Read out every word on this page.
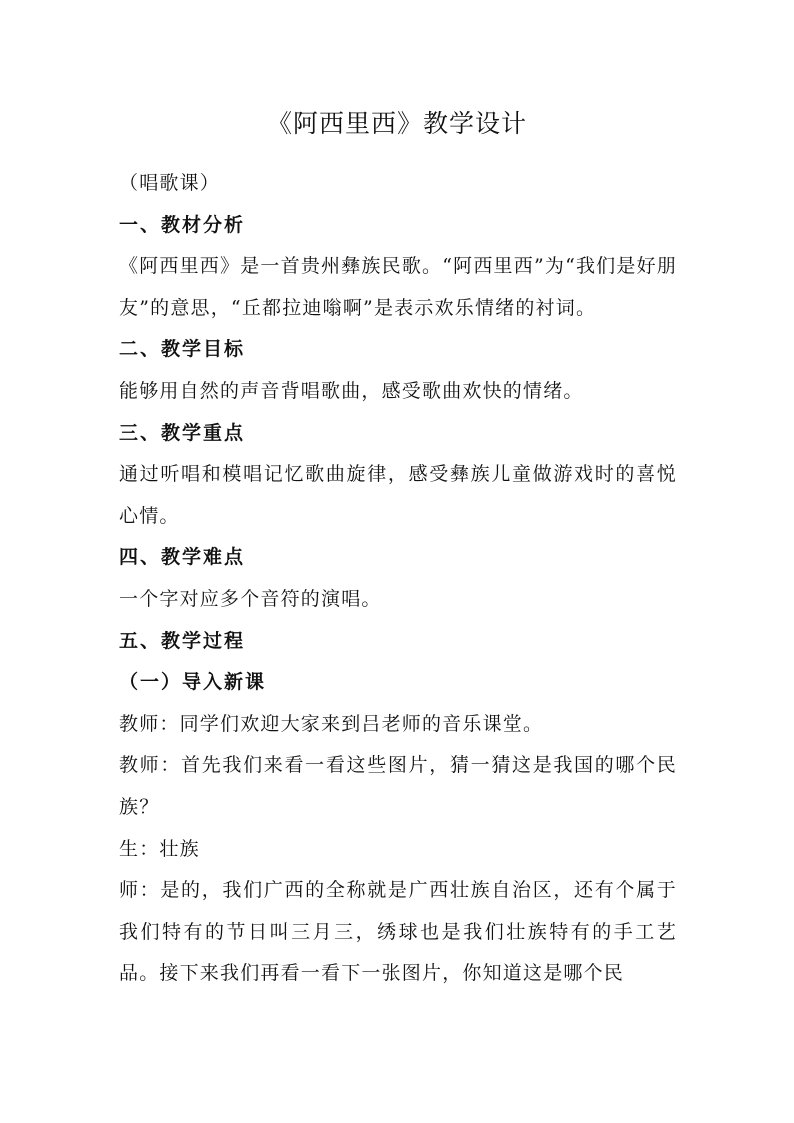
《阿西里西》教学设计

（唱歌课）

一、教材分析

《阿西里西》是一首贵州彝族民歌。“阿西里西”为“我们是好朋友”的意思，“丘都拉迪嗡啊”是表示欢乐情绪的衬词。

二、教学目标

能够用自然的声音背唱歌曲，感受歌曲欢快的情绪。

三、教学重点

通过听唱和模唱记忆歌曲旋律，感受彝族儿童做游戏时的喜悦心情。

四、教学难点

一个字对应多个音符的演唱。

五、教学过程

（一）导入新课

教师：同学们欢迎大家来到吕老师的音乐课堂。

教师：首先我们来看一看这些图片，猜一猜这是我国的哪个民族？

生：壮族

师：是的，我们广西的全称就是广西壮族自治区，还有个属于我们特有的节日叫三月三，绣球也是我们壮族特有的手工艺品。接下来我们再看一看下一张图片，你知道这是哪个民
